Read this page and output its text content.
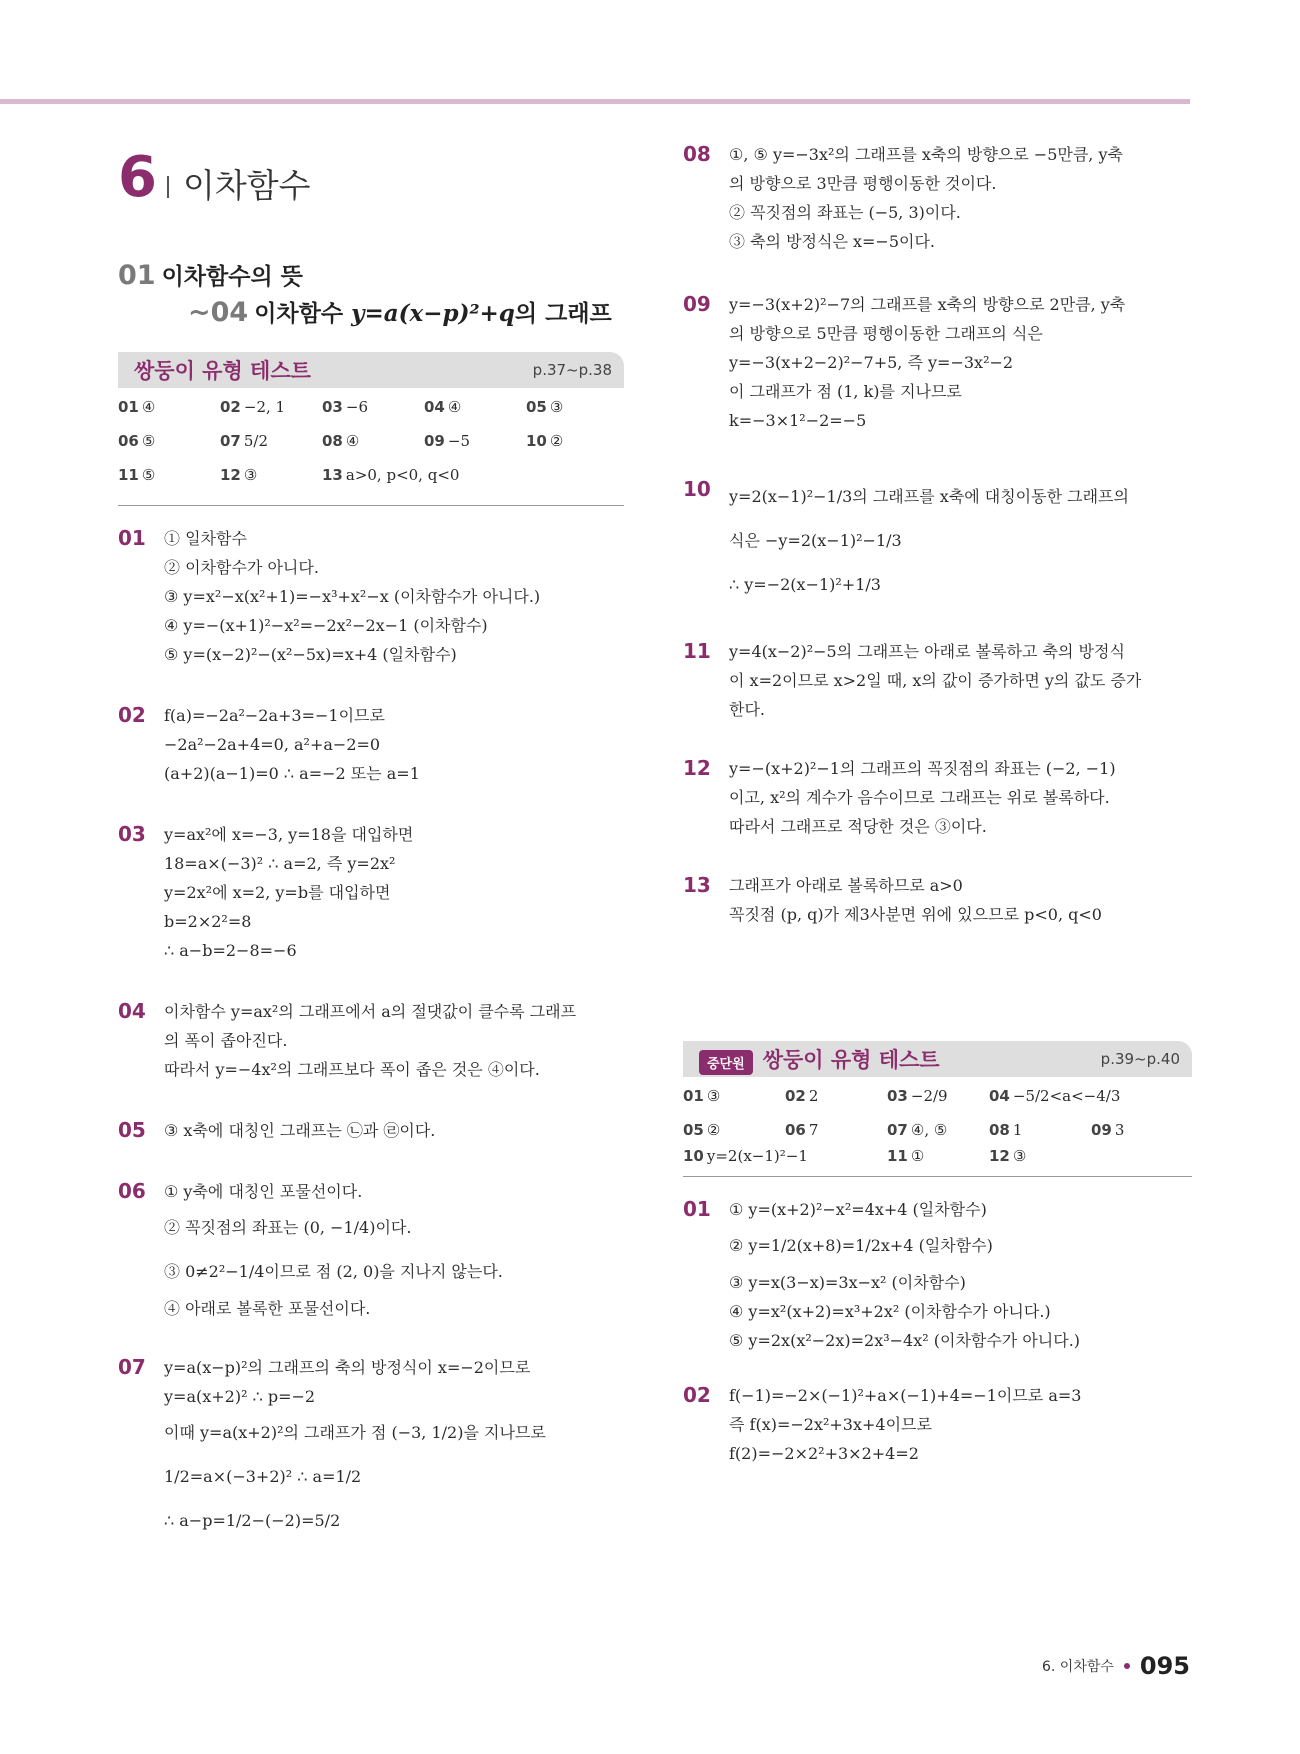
6 이차함수
01 이차함수의 뜻
~04 이차함수 y=a(x−p)²+q의 그래프
쌍둥이 유형 테스트	p.37~p.38
01 ④	02 −2, 1 03 −6	04 ④	05 ③
06 ⑤	07 5/2	08 ④	09 −5	10 ②
11 ⑤	12 ③	13 a>0, p<0, q<0
01 ① 일차함수
② 이차함수가 아니다.
③ y=x²−x(x²+1)=−x³+x²−x (이차함수가 아니다.)
④ y=−(x+1)²−x²=−2x²−2x−1 (이차함수)
⑤ y=(x−2)²−(x²−5x)=x+4 (일차함수)
02 f(a)=−2a²−2a+3=−1이므로
−2a²−2a+4=0, a²+a−2=0
(a+2)(a−1)=0 ∴ a=−2 또는 a=1
03 y=ax²에 x=−3, y=18을 대입하면
18=a×(−3)² ∴ a=2, 즉 y=2x²
y=2x²에 x=2, y=b를 대입하면
b=2×2²=8
∴ a−b=2−8=−6
04 이차함수 y=ax²의 그래프에서 a의 절댓값이 클수록 그래프
의 폭이 좁아진다.
따라서 y=−4x²의 그래프보다 폭이 좁은 것은 ④이다.
05 ③ x축에 대칭인 그래프는 ㉡과 ㉣이다.
06 ① y축에 대칭인 포물선이다.
② 꼭짓점의 좌표는 (0, −1/4)이다.
③ 0≠2²−1/4이므로 점 (2, 0)을 지나지 않는다.
④ 아래로 볼록한 포물선이다.
07 y=a(x−p)²의 그래프의 축의 방정식이 x=−2이므로
y=a(x+2)² ∴ p=−2
이때 y=a(x+2)²의 그래프가 점 (−3, 1/2)을 지나므로
1/2=a×(−3+2)² ∴ a=1/2
∴ a−p=1/2−(−2)=5/2
08 ①, ⑤ y=−3x²의 그래프를 x축의 방향으로 −5만큼, y축
의 방향으로 3만큼 평행이동한 것이다.
② 꼭짓점의 좌표는 (−5, 3)이다.
③ 축의 방정식은 x=−5이다.
09 y=−3(x+2)²−7의 그래프를 x축의 방향으로 2만큼, y축
의 방향으로 5만큼 평행이동한 그래프의 식은
y=−3(x+2−2)²−7+5, 즉 y=−3x²−2
이 그래프가 점 (1, k)를 지나므로
k=−3×1²−2=−5
10 y=2(x−1)²−1/3의 그래프를 x축에 대칭이동한 그래프의
식은 −y=2(x−1)²−1/3
∴ y=−2(x−1)²+1/3
11 y=4(x−2)²−5의 그래프는 아래로 볼록하고 축의 방정식
이 x=2이므로 x>2일 때, x의 값이 증가하면 y의 값도 증가
한다.
12 y=−(x+2)²−1의 그래프의 꼭짓점의 좌표는 (−2, −1)
이고, x²의 계수가 음수이므로 그래프는 위로 볼록하다.
따라서 그래프로 적당한 것은 ③이다.
13 그래프가 아래로 볼록하므로 a>0
꼭짓점 (p, q)가 제3사분면 위에 있으므로 p<0, q<0
중단원 쌍둥이 유형 테스트	p.39~p.40
01 ③	02 2	03 −2/9	04 −5/2<a<−4/3
05 ②	06 7	07 ④, ⑤	08 1	09 3
10 y=2(x−1)²−1	11 ①	12 ③
01 ① y=(x+2)²−x²=4x+4 (일차함수)
② y=1/2(x+8)=1/2x+4 (일차함수)
③ y=x(3−x)=3x−x² (이차함수)
④ y=x²(x+2)=x³+2x² (이차함수가 아니다.)
⑤ y=2x(x²−2x)=2x³−4x² (이차함수가 아니다.)
02 f(−1)=−2×(−1)²+a×(−1)+4=−1이므로 a=3
즉 f(x)=−2x²+3x+4이므로
f(2)=−2×2²+3×2+4=2
6. 이차함수 095
